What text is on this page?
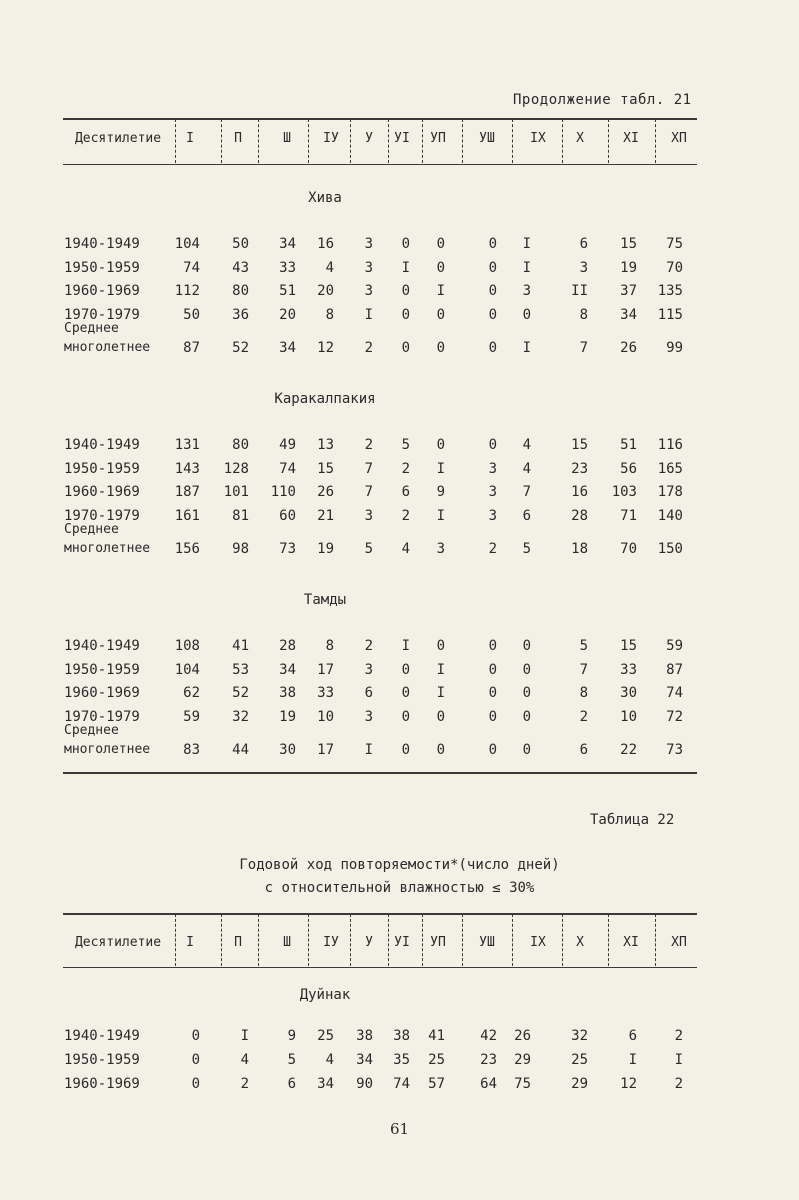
Продолжение табл. 21
Десятилетие	I	П	Ш	IУ	У	УI	УП	УШ	IX	X	XI	XП
Хива
1940-1949	104	50	34	16	3	0	0	0	I	6	15	75
1950-1959	74	43	33	4	3	I	0	0	I	3	19	70
1960-1969	112	80	51	20	3	0	I	0	3	II	37	135
1970-1979	50	36	20	8	I	0	0	0	0	8	34	115
Среднее
многолетнее	87	52	34	12	2	0	0	0	I	7	26	99
Каракалпакия
1940-1949	131	80	49	13	2	5	0	0	4	15	51	116
1950-1959	143	128	74	15	7	2	I	3	4	23	56	165
1960-1969	187	101	110	26	7	6	9	3	7	16	103	178
1970-1979	161	81	60	21	3	2	I	3	6	28	71	140
Среднее
многолетнее	156	98	73	19	5	4	3	2	5	18	70	150
Тамды
1940-1949	108	41	28	8	2	I	0	0	0	5	15	59
1950-1959	104	53	34	17	3	0	I	0	0	7	33	87
1960-1969	62	52	38	33	6	0	I	0	0	8	30	74
1970-1979	59	32	19	10	3	0	0	0	0	2	10	72
Среднее
многолетнее	83	44	30	17	I	0	0	0	0	6	22	73
Таблица 22
Годовой ход повторяемости*(число дней)
с относительной влажностью ≤ 30%
Десятилетие	I	П	Ш	IУ	У	УI	УП	УШ	IX	X	XI	XП
Дуйнак
1940-1949	0	I	9	25	38	38	41	42	26	32	6	2
1950-1959	0	4	5	4	34	35	25	23	29	25	I	I
1960-1969	0	2	6	34	90	74	57	64	75	29	12	2
61
